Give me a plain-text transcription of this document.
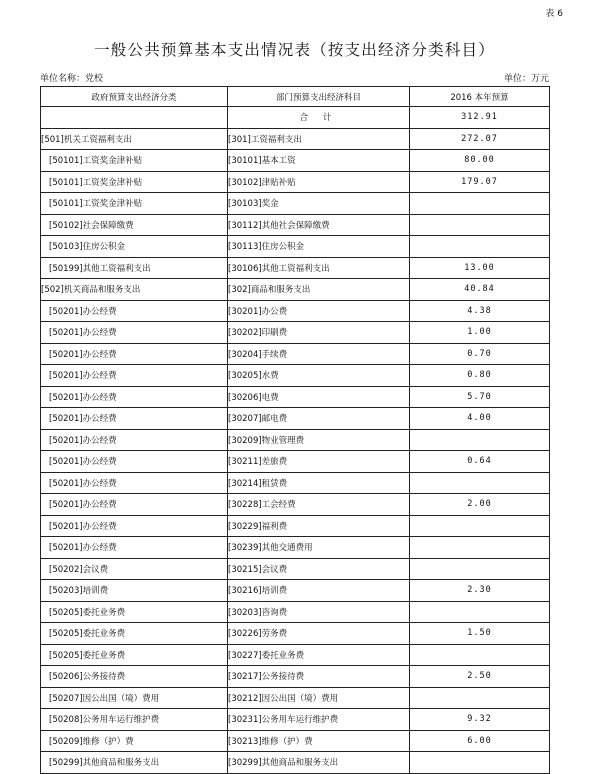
表 6
一般公共预算基本支出情况表（按支出经济分类科目）
单位名称：党校	单位：万元
政府预算支出经济分类	部门预算支出经济科目	2016 本年预算
	合 计	312.91
[501]机关工资福利支出	[301]工资福利支出	272.07
[50101]工资奖金津补贴	[30101]基本工资	80.00
[50101]工资奖金津补贴	[30102]津贴补贴	179.07
[50101]工资奖金津补贴	[30103]奖金	
[50102]社会保障缴费	[30112]其他社会保障缴费	
[50103]住房公积金	[30113]住房公积金	
[50199]其他工资福利支出	[30106]其他工资福利支出	13.00
[502]机关商品和服务支出	[302]商品和服务支出	40.84
[50201]办公经费	[30201]办公费	4.38
[50201]办公经费	[30202]印刷费	1.00
[50201]办公经费	[30204]手续费	0.70
[50201]办公经费	[30205]水费	0.80
[50201]办公经费	[30206]电费	5.70
[50201]办公经费	[30207]邮电费	4.00
[50201]办公经费	[30209]物业管理费	
[50201]办公经费	[30211]差旅费	0.64
[50201]办公经费	[30214]租赁费	
[50201]办公经费	[30228]工会经费	2.00
[50201]办公经费	[30229]福利费	
[50201]办公经费	[30239]其他交通费用	
[50202]会议费	[30215]会议费	
[50203]培训费	[30216]培训费	2.30
[50205]委托业务费	[30203]咨询费	
[50205]委托业务费	[30226]劳务费	1.50
[50205]委托业务费	[30227]委托业务费	
[50206]公务接待费	[30217]公务接待费	2.50
[50207]因公出国（境）费用	[30212]因公出国（境）费用	
[50208]公务用车运行维护费	[30231]公务用车运行维护费	9.32
[50209]维修（护）费	[30213]维修（护）费	6.00
[50299]其他商品和服务支出	[30299]其他商品和服务支出	
